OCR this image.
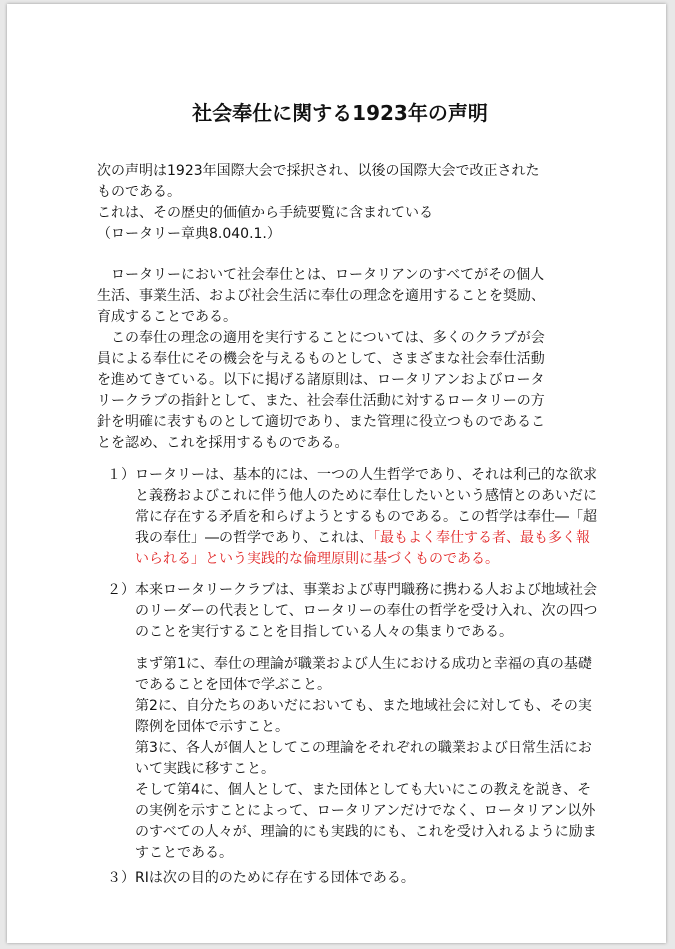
社会奉仕に関する1923年の声明
次の声明は1923年国際大会で採択され、以後の国際大会で改正された
ものである。
これは、その歴史的価値から手続要覧に含まれている
（ロータリー章典8.040.1.）
ロータリーにおいて社会奉仕とは、ロータリアンのすべてがその個人
生活、事業生活、および社会生活に奉仕の理念を適用することを奨励、
育成することである。
この奉仕の理念の適用を実行することについては、多くのクラブが会
員による奉仕にその機会を与えるものとして、さまざまな社会奉仕活動
を進めてきている。以下に掲げる諸原則は、ロータリアンおよびロータ
リークラブの指針として、また、社会奉仕活動に対するロータリーの方
針を明確に表すものとして適切であり、また管理に役立つものであるこ
とを認め、これを採用するものである。
１）ロータリーは、基本的には、一つの人生哲学であり、それは利己的な欲求
と義務およびこれに伴う他人のために奉仕したいという感情とのあいだに
常に存在する矛盾を和らげようとするものである。この哲学は奉仕―「超
我の奉仕」―の哲学であり、これは、「最もよく奉仕する者、最も多く報
いられる」という実践的な倫理原則に基づくものである。
２）本来ロータリークラブは、事業および専門職務に携わる人および地域社会
のリーダーの代表として、ロータリーの奉仕の哲学を受け入れ、次の四つ
のことを実行することを目指している人々の集まりである。
まず第1に、奉仕の理論が職業および人生における成功と幸福の真の基礎
であることを団体で学ぶこと。
第2に、自分たちのあいだにおいても、また地域社会に対しても、その実
際例を団体で示すこと。
第3に、各人が個人としてこの理論をそれぞれの職業および日常生活にお
いて実践に移すこと。
そして第4に、個人として、また団体としても大いにこの教えを説き、そ
の実例を示すことによって、ロータリアンだけでなく、ロータリアン以外
のすべての人々が、理論的にも実践的にも、これを受け入れるように励ま
すことである。
３）RIは次の目的のために存在する団体である。
